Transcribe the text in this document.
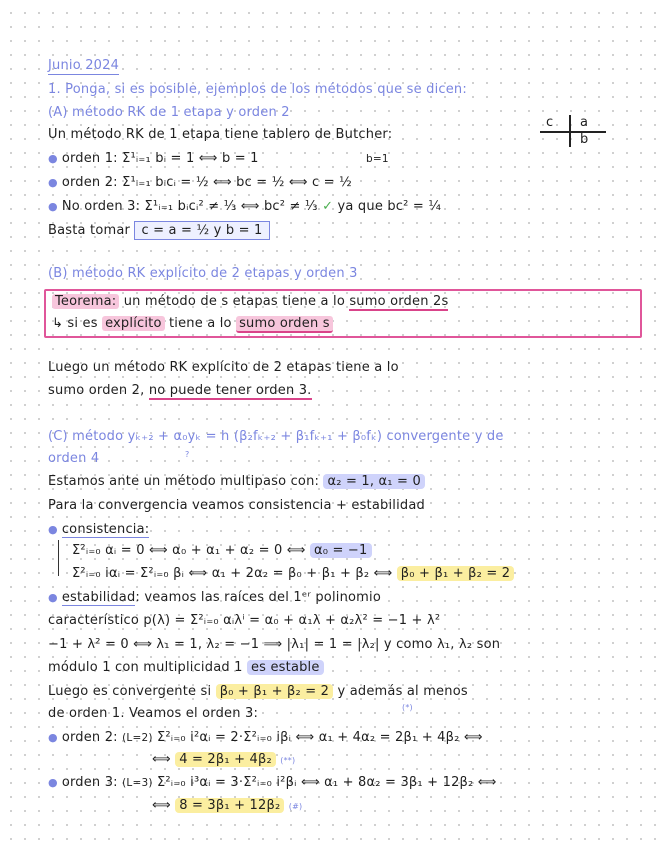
Junio 2024
1. Ponga, si es posible, ejemplos de los métodos que se dicen:
(A) método RK de 1 etapa y orden 2
Un método RK de 1 etapa tiene tablero de Butcher:
c a
b
● orden 1: Σ¹ᵢ₌₁ bᵢ = 1 ⟺ b = 1	b=1
● orden 2: Σ¹ᵢ₌₁ bᵢcᵢ = ½ ⟺ bc = ½ ⟺ c = ½
● No orden 3: Σ¹ᵢ₌₁ bᵢcᵢ² ≠ ⅓ ⟺ bc² ≠ ⅓ ✓ ya que bc² = ¼
Basta tomar c = a = ½ y b = 1
(B) método RK explícito de 2 etapas y orden 3
Teorema: un método de s etapas tiene a lo sumo orden 2s
↳ si es explícito tiene a lo sumo orden s
Luego un método RK explícito de 2 etapas tiene a lo
sumo orden 2, no puede tener orden 3.
(C) método yₖ₊₂ + α₀yₖ = h (β₂fₖ₊₂ + β₁fₖ₊₁ + β₀fₖ) convergente y de
?
orden 4
Estamos ante un método multipaso con: α₂ = 1, α₁ = 0
Para la convergencia veamos consistencia + estabilidad
● consistencia:
Σ²ᵢ₌₀ αᵢ = 0 ⟺ α₀ + α₁ + α₂ = 0 ⟺ α₀ = −1
Σ²ᵢ₌₀ iαᵢ = Σ²ᵢ₌₀ βᵢ ⟺ α₁ + 2α₂ = β₀ + β₁ + β₂ ⟺ β₀ + β₁ + β₂ = 2
● estabilidad: veamos las raíces del 1ᵉʳ polinomio
característico p(λ) = Σ²ᵢ₌₀ αᵢλⁱ = α₀ + α₁λ + α₂λ² = −1 + λ²
−1 + λ² = 0 ⟺ λ₁ = 1, λ₂ = −1 ⟹ |λ₁| = 1 = |λ₂| y como λ₁, λ₂ son
módulo 1 con multiplicidad 1 es estable
Luego es convergente si β₀ + β₁ + β₂ = 2 y además al menos
(*)
de orden 1. Veamos el orden 3:
● orden 2: (L=2) Σ²ᵢ₌₀ i²αᵢ = 2·Σ²ᵢ₌₀ iβᵢ ⟺ α₁ + 4α₂ = 2β₁ + 4β₂ ⟺
⟺ 4 = 2β₁ + 4β₂ (**)
● orden 3: (L=3) Σ²ᵢ₌₀ i³αᵢ = 3·Σ²ᵢ₌₀ i²βᵢ ⟺ α₁ + 8α₂ = 3β₁ + 12β₂ ⟺
⟺ 8 = 3β₁ + 12β₂ (#)
